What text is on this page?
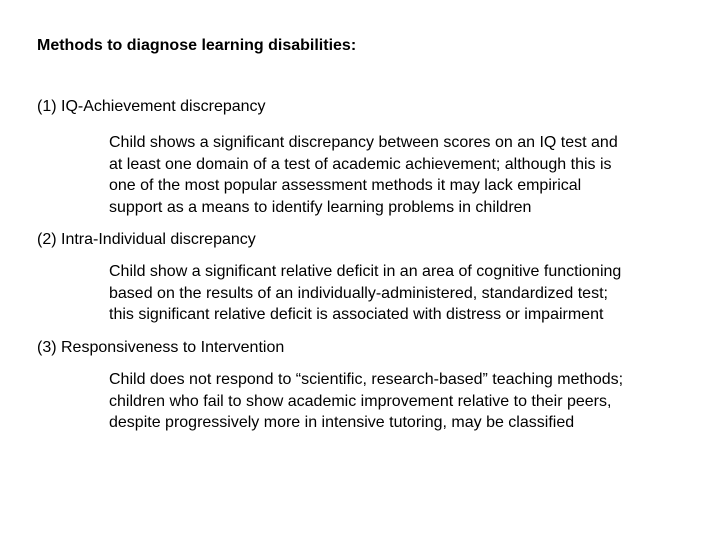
Methods to diagnose learning disabilities:
(1) IQ-Achievement discrepancy
Child shows a significant discrepancy between scores on an IQ test and
at least one domain of a test of academic achievement; although this is
one of the most popular assessment methods it may lack empirical
support as a means to identify learning problems in children
(2) Intra-Individual discrepancy
Child show a significant relative deficit in an area of cognitive functioning
based on the results of an individually-administered, standardized test;
this significant relative deficit is associated with distress or impairment
(3) Responsiveness to Intervention
Child does not respond to “scientific, research-based” teaching methods;
children who fail to show academic improvement relative to their peers,
despite progressively more in intensive tutoring, may be classified
